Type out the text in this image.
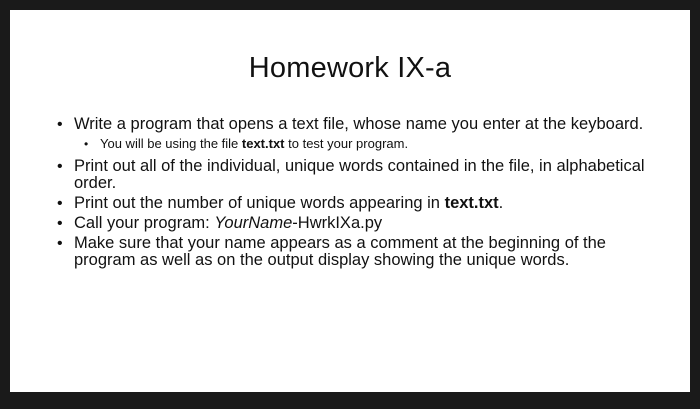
Homework IX-a
• Write a program that opens a text file, whose name you enter at the keyboard.
• You will be using the file text.txt to test your program.
• Print out all of the individual, unique words contained in the file, in alphabetical order.
• Print out the number of unique words appearing in text.txt.
• Call your program: YourName-HwrkIXa.py
• Make sure that your name appears as a comment at the beginning of the program as well as on the output display showing the unique words.
